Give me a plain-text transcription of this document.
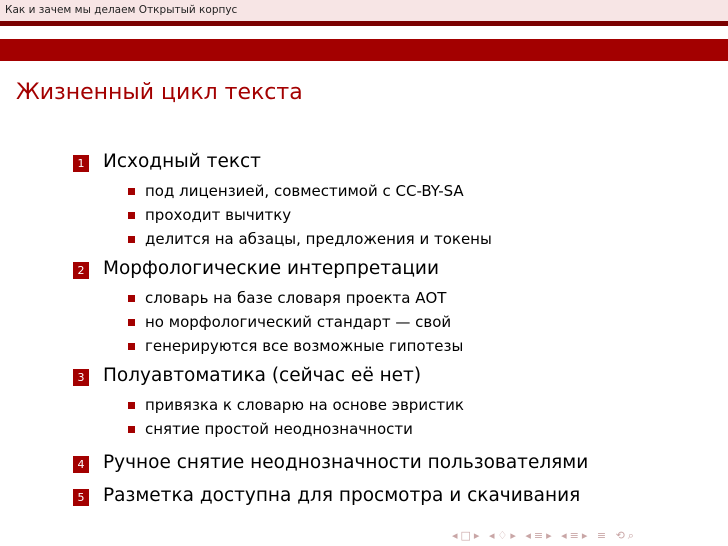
Как и зачем мы делаем Открытый корпус
Жизненный цикл текста
1 Исходный текст
под лицензией, совместимой с CC-BY-SA
проходит вычитку
делится на абзацы, предложения и токены
2 Морфологические интерпретации
словарь на базе словаря проекта АОТ
но морфологический стандарт — свой
генерируются все возможные гипотезы
3 Полуавтоматика (сейчас её нет)
привязка к словарю на основе эвристик
снятие простой неоднозначности
4 Ручное снятие неоднозначности пользователями
5 Разметка доступна для просмотра и скачивания
◂□▸ ◂♢▸ ◂≡▸ ◂≡▸ ≡ ⟲⌕
